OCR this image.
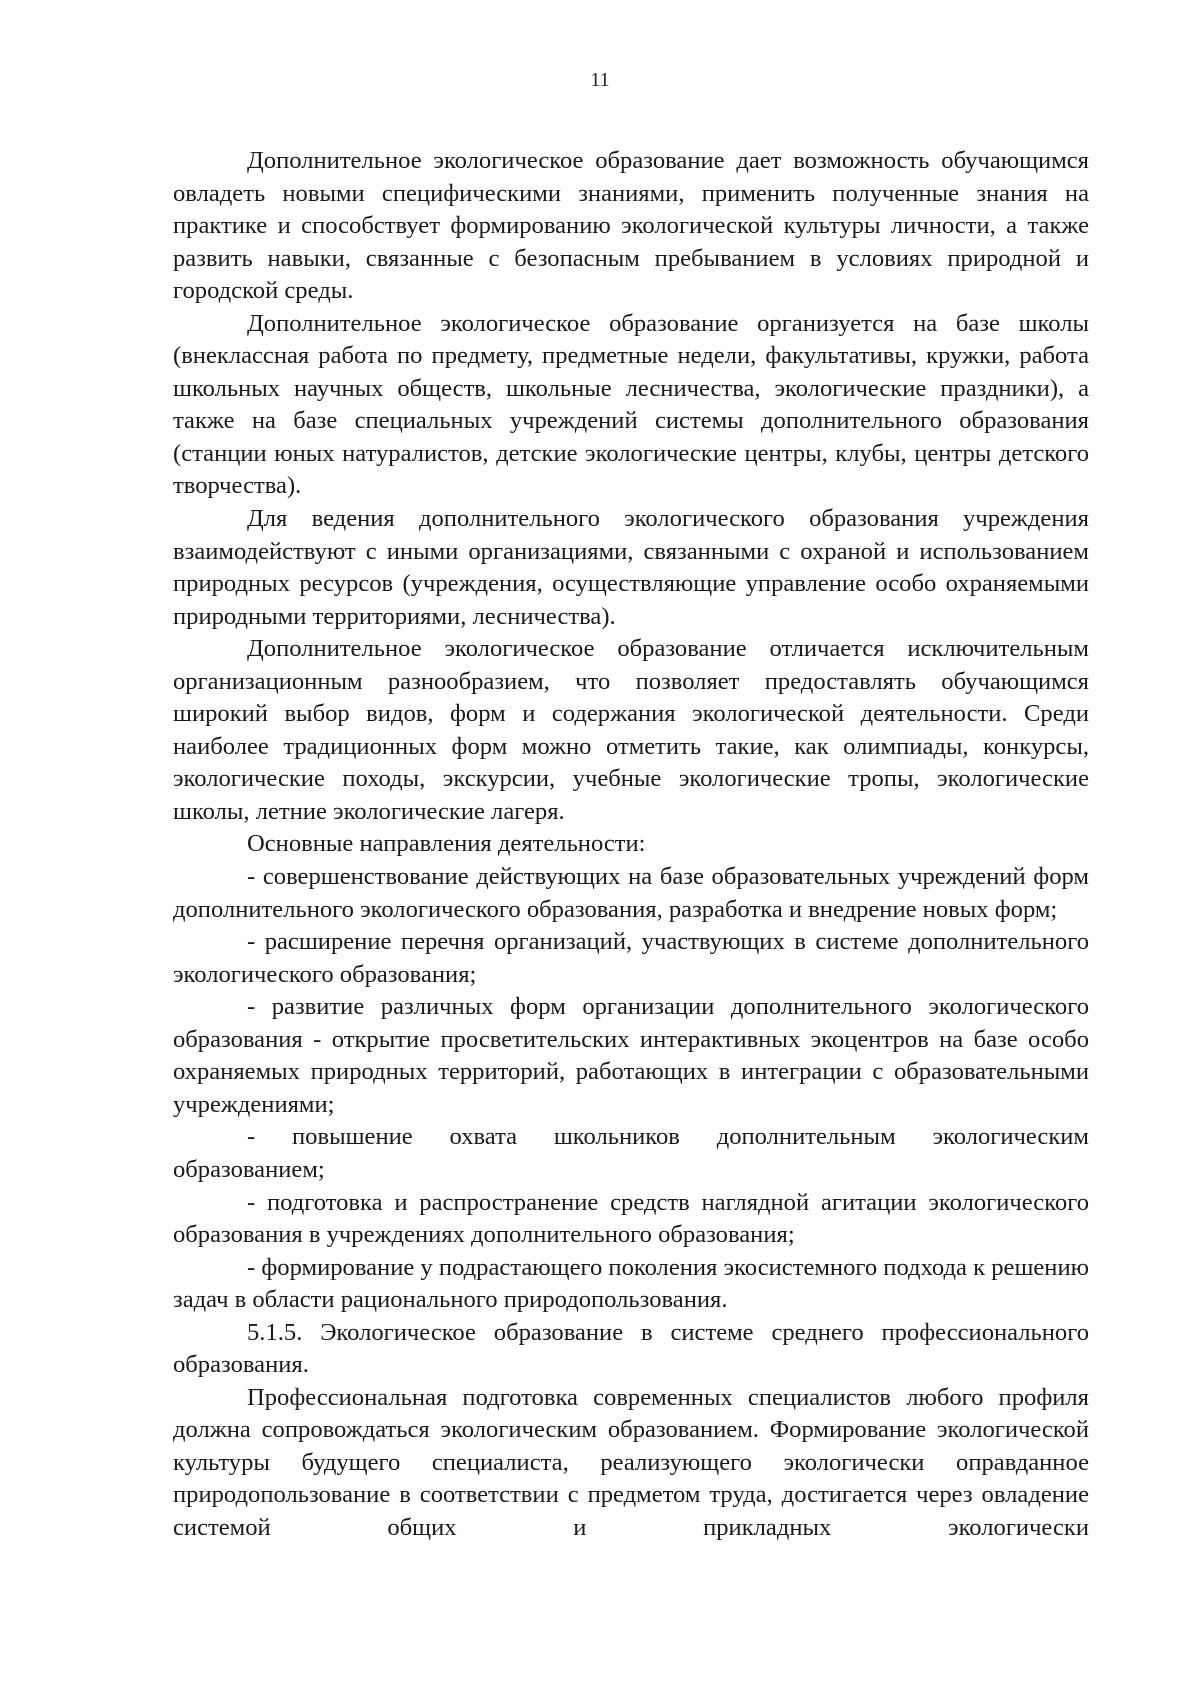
11

Дополнительное экологическое образование дает возможность обучающимся овладеть новыми специфическими знаниями, применить полученные знания на практике и способствует формированию экологической культуры личности, а также развить навыки, связанные с безопасным пребыванием в условиях природной и городской среды.

Дополнительное экологическое образование организуется на базе школы (внеклассная работа по предмету, предметные недели, факультативы, кружки, работа школьных научных обществ, школьные лесничества, экологические праздники), а также на базе специальных учреждений системы дополнительного образования (станции юных натуралистов, детские экологические центры, клубы, центры детского творчества).

Для ведения дополнительного экологического образования учреждения взаимодействуют с иными организациями, связанными с охраной и использованием природных ресурсов (учреждения, осуществляющие управление особо охраняемыми природными территориями, лесничества).

Дополнительное экологическое образование отличается исключительным организационным разнообразием, что позволяет предоставлять обучающимся широкий выбор видов, форм и содержания экологической деятельности. Среди наиболее традиционных форм можно отметить такие, как олимпиады, конкурсы, экологические походы, экскурсии, учебные экологические тропы, экологические школы, летние экологические лагеря.

Основные направления деятельности:

- совершенствование действующих на базе образовательных учреждений форм дополнительного экологического образования, разработка и внедрение новых форм;

- расширение перечня организаций, участвующих в системе дополнительного экологического образования;

- развитие различных форм организации дополнительного экологического образования - открытие просветительских интерактивных экоцентров на базе особо охраняемых природных территорий, работающих в интеграции с образовательными учреждениями;

- повышение охвата школьников дополнительным экологическим образованием;

- подготовка и распространение средств наглядной агитации экологического образования в учреждениях дополнительного образования;

- формирование у подрастающего поколения экосистемного подхода к решению задач в области рационального природопользования.

5.1.5. Экологическое образование в системе среднего профессионального образования.

Профессиональная подготовка современных специалистов любого профиля должна сопровождаться экологическим образованием. Формирование экологической культуры будущего специалиста, реализующего экологически оправданное природопользование в соответствии с предметом труда, достигается через овладение системой общих и прикладных экологически
